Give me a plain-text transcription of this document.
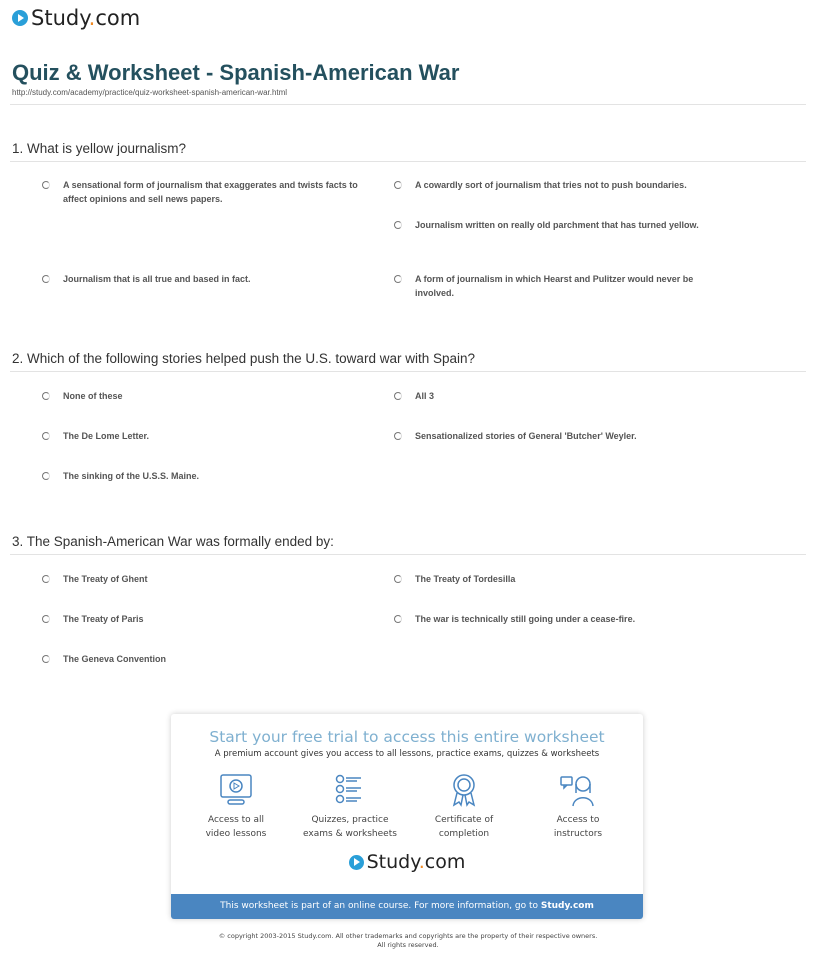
Study.com
Quiz & Worksheet - Spanish-American War
http://study.com/academy/practice/quiz-worksheet-spanish-american-war.html
1. What is yellow journalism?
A sensational form of journalism that exaggerates and twists facts to affect opinions and sell news papers.
A cowardly sort of journalism that tries not to push boundaries.
Journalism written on really old parchment that has turned yellow.
Journalism that is all true and based in fact.	A form of journalism in which Hearst and Pulitzer would never be involved.
2. Which of the following stories helped push the U.S. toward war with Spain?
None of these	All 3
The De Lome Letter.	Sensationalized stories of General 'Butcher' Weyler.
The sinking of the U.S.S. Maine.
3. The Spanish-American War was formally ended by:
The Treaty of Ghent	The Treaty of Tordesilla
The Treaty of Paris	The war is technically still going under a cease-fire.
The Geneva Convention
Start your free trial to access this entire worksheet
A premium account gives you access to all lessons, practice exams, quizzes & worksheets
Access to all
video lessons
Quizzes, practice
exams & worksheets
Certificate of
completion
Access to
instructors
Study.com
This worksheet is part of an online course. For more information, go to Study.com
© copyright 2003-2015 Study.com. All other trademarks and copyrights are the property of their respective owners.
All rights reserved.
